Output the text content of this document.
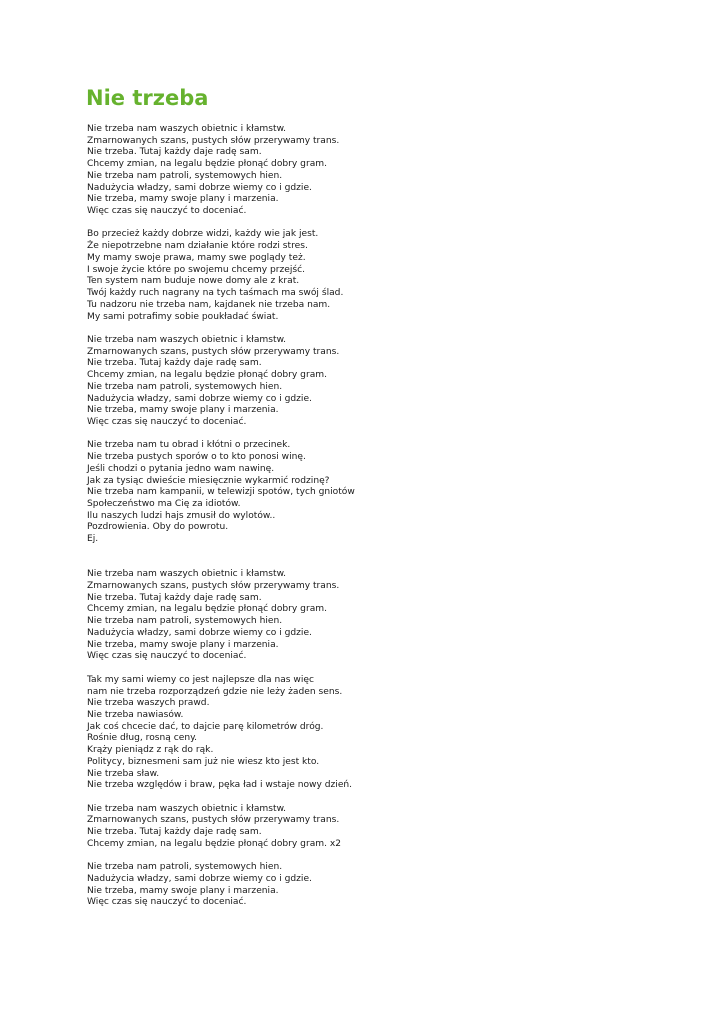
Nie trzeba
Nie trzeba nam waszych obietnic i kłamstw.
Zmarnowanych szans, pustych słów przerywamy trans.
Nie trzeba. Tutaj każdy daje radę sam.
Chcemy zmian, na legalu będzie płonąć dobry gram.
Nie trzeba nam patroli, systemowych hien.
Nadużycia władzy, sami dobrze wiemy co i gdzie.
Nie trzeba, mamy swoje plany i marzenia.
Więc czas się nauczyć to doceniać.
Bo przecież każdy dobrze widzi, każdy wie jak jest.
Że niepotrzebne nam działanie które rodzi stres.
My mamy swoje prawa, mamy swe poglądy też.
I swoje życie które po swojemu chcemy przejść.
Ten system nam buduje nowe domy ale z krat.
Twój każdy ruch nagrany na tych taśmach ma swój ślad.
Tu nadzoru nie trzeba nam, kajdanek nie trzeba nam.
My sami potrafimy sobie poukładać świat.
Nie trzeba nam waszych obietnic i kłamstw.
Zmarnowanych szans, pustych słów przerywamy trans.
Nie trzeba. Tutaj każdy daje radę sam.
Chcemy zmian, na legalu będzie płonąć dobry gram.
Nie trzeba nam patroli, systemowych hien.
Nadużycia władzy, sami dobrze wiemy co i gdzie.
Nie trzeba, mamy swoje plany i marzenia.
Więc czas się nauczyć to doceniać.
Nie trzeba nam tu obrad i kłótni o przecinek.
Nie trzeba pustych sporów o to kto ponosi winę.
Jeśli chodzi o pytania jedno wam nawinę.
Jak za tysiąc dwieście miesięcznie wykarmić rodzinę?
Nie trzeba nam kampanii, w telewizji spotów, tych gniotów
Społeczeństwo ma Cię za idiotów.
Ilu naszych ludzi hajs zmusił do wylotów..
Pozdrowienia. Oby do powrotu.
Ej.
Nie trzeba nam waszych obietnic i kłamstw.
Zmarnowanych szans, pustych słów przerywamy trans.
Nie trzeba. Tutaj każdy daje radę sam.
Chcemy zmian, na legalu będzie płonąć dobry gram.
Nie trzeba nam patroli, systemowych hien.
Nadużycia władzy, sami dobrze wiemy co i gdzie.
Nie trzeba, mamy swoje plany i marzenia.
Więc czas się nauczyć to doceniać.
Tak my sami wiemy co jest najlepsze dla nas więc
nam nie trzeba rozporządzeń gdzie nie leży żaden sens.
Nie trzeba waszych prawd.
Nie trzeba nawiasów.
Jak coś chcecie dać, to dajcie parę kilometrów dróg.
Rośnie dług, rosną ceny.
Krąży pieniądz z rąk do rąk.
Politycy, biznesmeni sam już nie wiesz kto jest kto.
Nie trzeba sław.
Nie trzeba względów i braw, pęka ład i wstaje nowy dzień.
Nie trzeba nam waszych obietnic i kłamstw.
Zmarnowanych szans, pustych słów przerywamy trans.
Nie trzeba. Tutaj każdy daje radę sam.
Chcemy zmian, na legalu będzie płonąć dobry gram. x2
Nie trzeba nam patroli, systemowych hien.
Nadużycia władzy, sami dobrze wiemy co i gdzie.
Nie trzeba, mamy swoje plany i marzenia.
Więc czas się nauczyć to doceniać.
